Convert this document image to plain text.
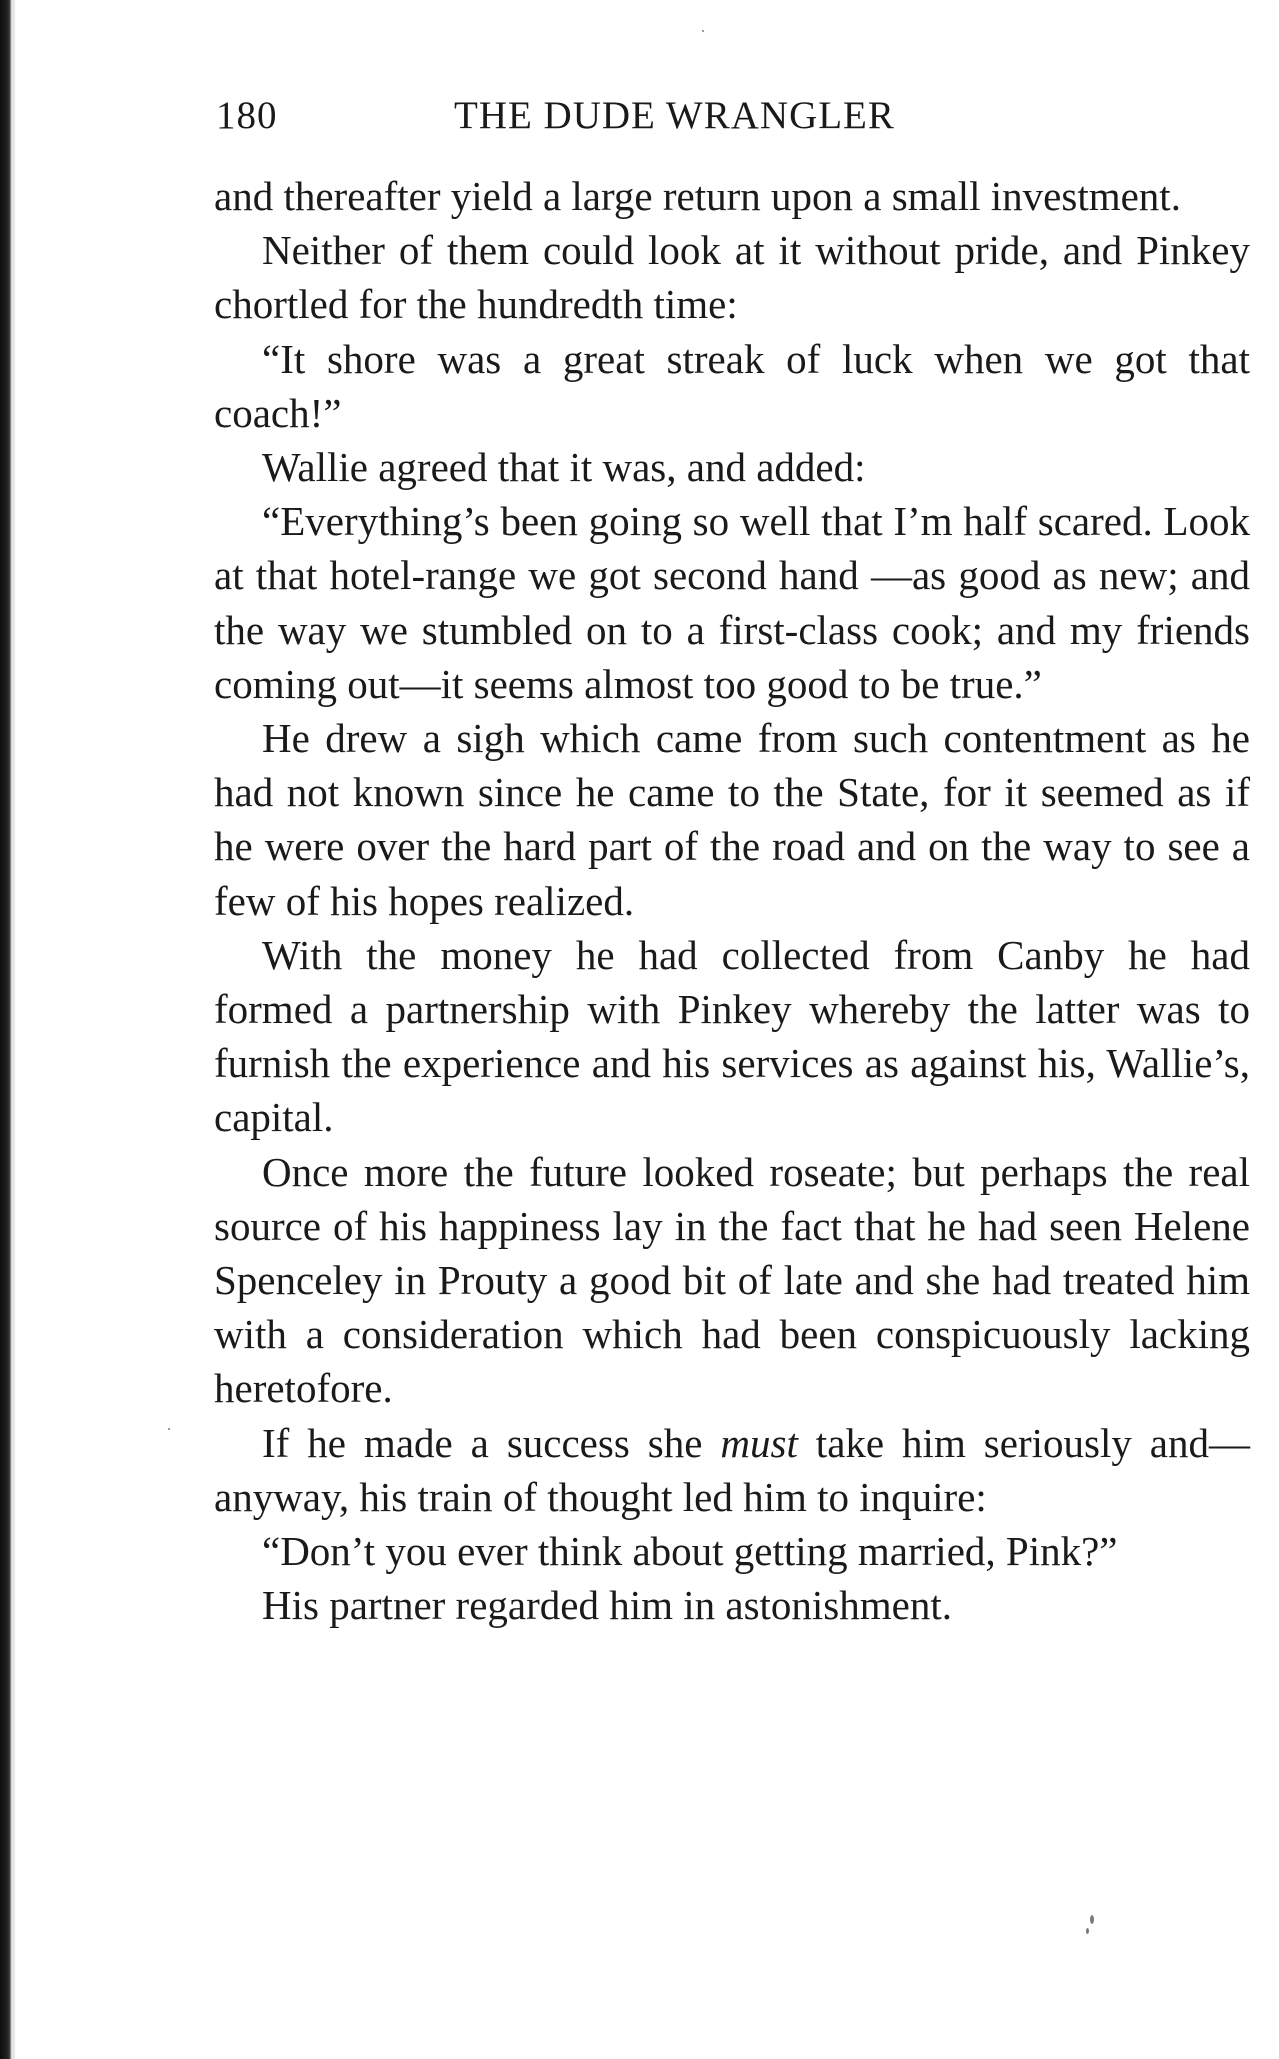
180	THE DUDE WRANGLER

and thereafter yield a large return upon a small investment.

Neither of them could look at it without pride, and Pinkey chortled for the hundredth time:

“It shore was a great streak of luck when we got that coach!”

Wallie agreed that it was, and added:

“Everything’s been going so well that I’m half scared. Look at that hotel-range we got second hand —as good as new; and the way we stumbled on to a first-class cook; and my friends coming out—it seems almost too good to be true.”

He drew a sigh which came from such contentment as he had not known since he came to the State, for it seemed as if he were over the hard part of the road and on the way to see a few of his hopes realized.

With the money he had collected from Canby he had formed a partnership with Pinkey whereby the latter was to furnish the experience and his services as against his, Wallie’s, capital.

Once more the future looked roseate; but perhaps the real source of his happiness lay in the fact that he had seen Helene Spenceley in Prouty a good bit of late and she had treated him with a consideration which had been conspicuously lacking heretofore.

If he made a success she must take him seriously and—anyway, his train of thought led him to inquire:

“Don’t you ever think about getting married, Pink?”

His partner regarded him in astonishment.
